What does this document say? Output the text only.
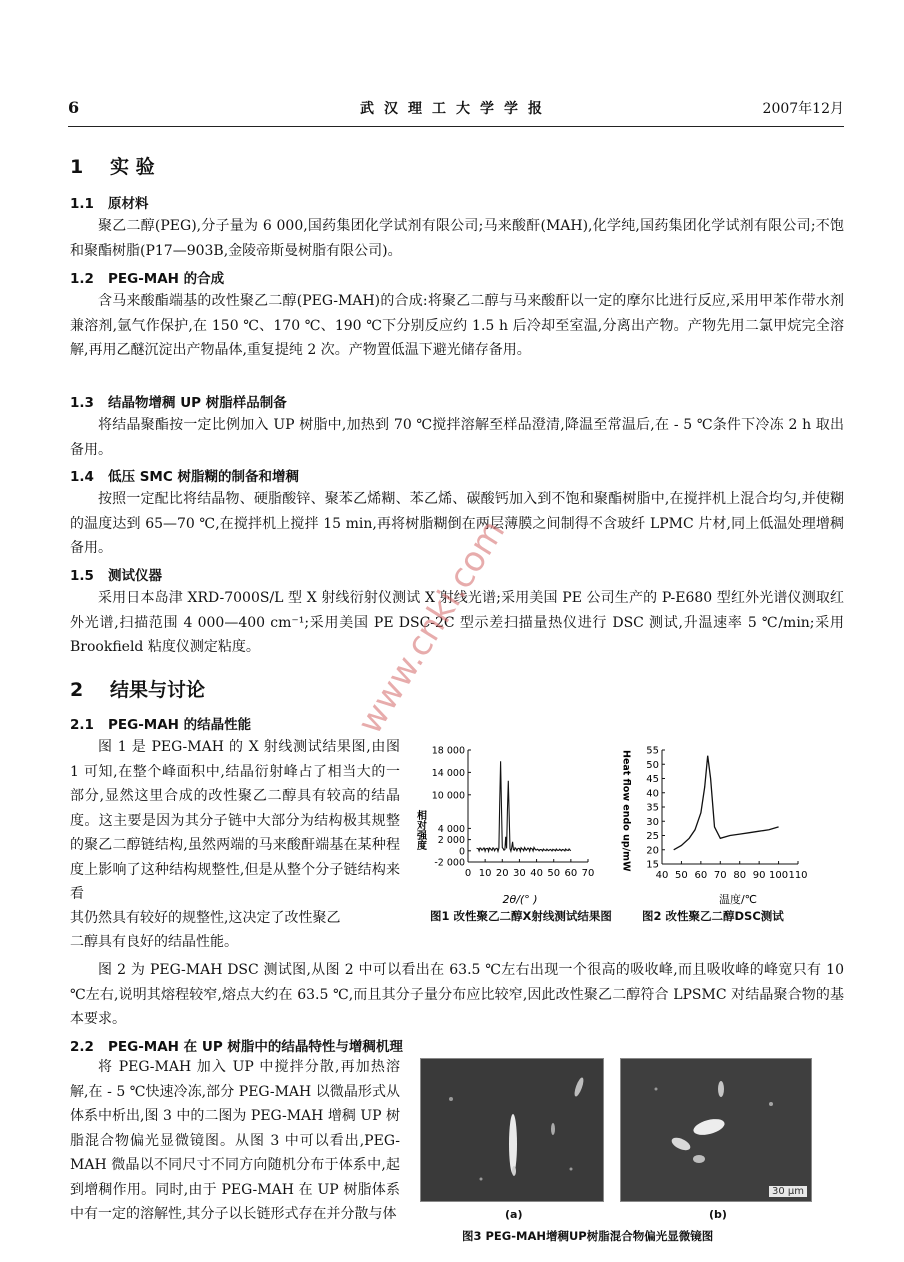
6	武汉理工大学学报	2007年12月
1 实 验
1.1 原材料

聚乙二醇(PEG),分子量为 6 000,国药集团化学试剂有限公司;马来酸酐(MAH),化学纯,国药集团化学试剂有限公司;不饱和聚酯树脂(P17—903B,金陵帝斯曼树脂有限公司)。

1.2 PEG-MAH 的合成

含马来酸酯端基的改性聚乙二醇(PEG-MAH)的合成:将聚乙二醇与马来酸酐以一定的摩尔比进行反应,采用甲苯作带水剂兼溶剂,氩气作保护,在 150 ℃、170 ℃、190 ℃下分别反应约 1.5 h 后冷却至室温,分离出产物。产物先用二氯甲烷完全溶解,再用乙醚沉淀出产物晶体,重复提纯 2 次。产物置低温下避光储存备用。

1.3 结晶物增稠 UP 树脂样品制备

将结晶聚酯按一定比例加入 UP 树脂中,加热到 70 ℃搅拌溶解至样品澄清,降温至常温后,在 - 5 ℃条件下冷冻 2 h 取出备用。

1.4 低压 SMC 树脂糊的制备和增稠

按照一定配比将结晶物、硬脂酸锌、聚苯乙烯糊、苯乙烯、碳酸钙加入到不饱和聚酯树脂中,在搅拌机上混合均匀,并使糊的温度达到 65—70 ℃,在搅拌机上搅拌 15 min,再将树脂糊倒在两层薄膜之间制得不含玻纤 LPMC 片材,同上低温处理增稠备用。

1.5 测试仪器

采用日本岛津 XRD-7000S/L 型 X 射线衍射仪测试 X 射线光谱;采用美国 PE 公司生产的 P-E680 型红外光谱仪测取红外光谱,扫描范围 4 000—400 cm⁻¹;采用美国 PE DSC-2C 型示差扫描量热仪进行 DSC 测试,升温速率 5 ℃/min;采用 Brookfield 粘度仪测定粘度。

2 结果与讨论
2.1 PEG-MAH 的结晶性能

图 1 是 PEG-MAH 的 X 射线测试结果图,由图 1 可知,在整个峰面积中,结晶衍射峰占了相当大的一部分,显然这里合成的改性聚乙二醇具有较高的结晶度。这主要是因为其分子链中大部分为结构极其规整的聚乙二醇链结构,虽然两端的马来酸酐端基在某种程度上影响了这种结构规整性,但是从整个分子链结构来看

其仍然具有较好的规整性,这决定了改性聚乙

二醇具有良好的结晶性能。

-2 000
0
2 000
4 000
10 000
14 000
18 000
0 10 20 30 40 50 60 70
2θ/(° )
相对强度
图1 改性聚乙二醇X射线测试结果图
15
20
25
30
35
40
45
50
55
40 50 60 70 80 90 100 110
温度/℃
Heat flow endo up/mW
图2 改性聚乙二醇DSC测试

图 2 为 PEG-MAH DSC 测试图,从图 2 中可以看出在 63.5 ℃左右出现一个很高的吸收峰,而且吸收峰的峰宽只有 10 ℃左右,说明其熔程较窄,熔点大约在 63.5 ℃,而且其分子量分布应比较窄,因此改性聚乙二醇符合 LPSMC 对结晶聚合物的基本要求。

2.2 PEG-MAH 在 UP 树脂中的结晶特性与增稠机理

将 PEG-MAH 加入 UP 中搅拌分散,再加热溶解,在 - 5 ℃快速冷冻,部分 PEG-MAH 以微晶形式从体系中析出,图 3 中的二图为 PEG-MAH 增稠 UP 树脂混合物偏光显微镜图。从图 3 中可以看出,PEG-MAH 微晶以不同尺寸不同方向随机分布于体系中,起到增稠作用。同时,由于 PEG-MAH 在 UP 树脂体系中有一定的溶解性,其分子以长链形式存在并分散与体

30 μm
(a)	(b)
图3 PEG-MAH增稠UP树脂混合物偏光显微镜图
www.cnki.com
